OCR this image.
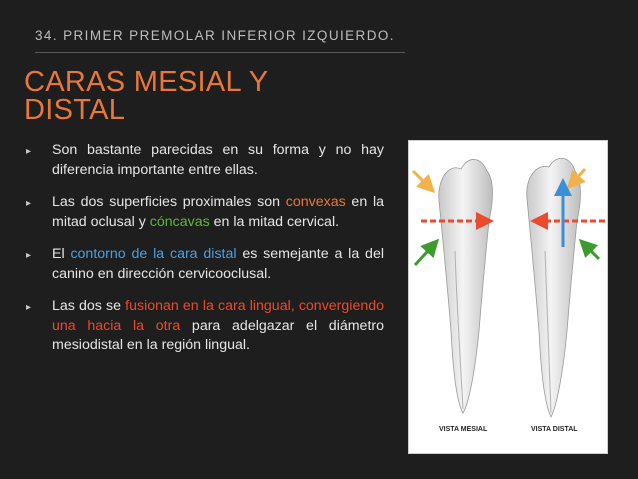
34. PRIMER PREMOLAR INFERIOR IZQUIERDO.
CARAS MESIAL Y
DISTAL
▸ Son bastante parecidas en su forma y no hay diferencia importante entre ellas.
▸ Las dos superficies proximales son convexas en la mitad oclusal y cóncavas en la mitad cervical.
▸ El contorno de la cara distal es semejante a la del canino en dirección cervicooclusal.
▸ Las dos se fusionan en la cara lingual, convergiendo una hacia la otra para adelgazar el diámetro mesiodistal en la región lingual.
VISTA MESIAL	VISTA DISTAL
